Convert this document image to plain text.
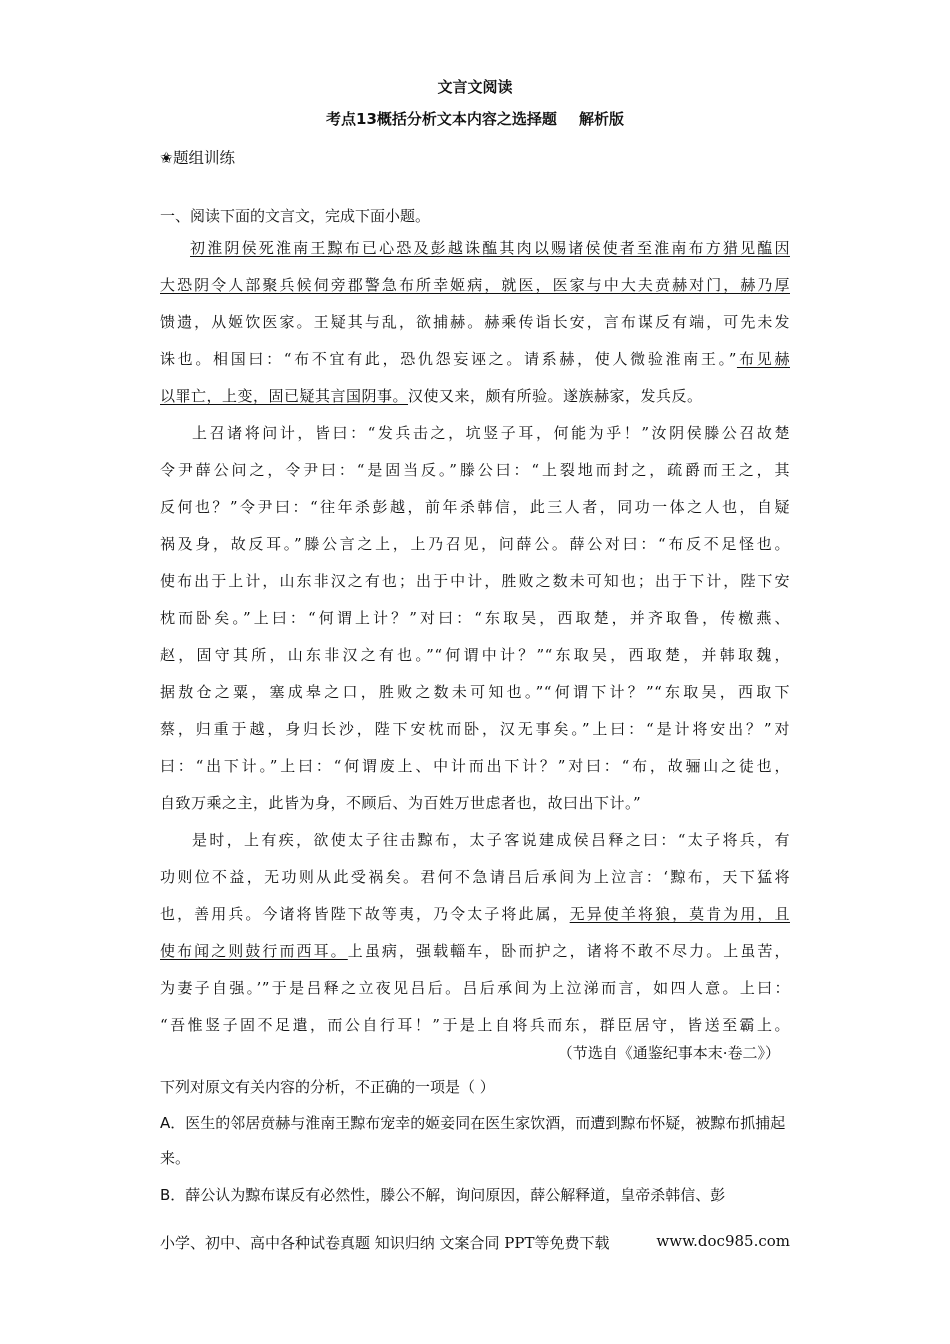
文言文阅读
考点13概括分析文本内容之选择题 解析版
✬题组训练
一、阅读下面的文言文，完成下面小题。
初淮阴侯死淮南王黥布已心恐及彭越诛醢其肉以赐诸侯使者至淮南布方猎见醢因
大恐阴令人部聚兵候伺旁郡警急布所幸姬病，就医，医家与中大夫贲赫对门，赫乃厚
馈遗，从姬饮医家。王疑其与乱，欲捕赫。赫乘传诣长安，言布谋反有端，可先未发
诛也。相国曰：“布不宜有此，恐仇怨妄诬之。请系赫，使人微验淮南王。”布见赫
以罪亡，上变，固已疑其言国阴事。汉使又来，颇有所验。遂族赫家，发兵反。
上召诸将问计，皆曰：“发兵击之，坑竖子耳，何能为乎！”汝阴侯滕公召故楚
令尹薛公问之，令尹曰：“是固当反。”滕公曰：“上裂地而封之，疏爵而王之，其
反何也？”令尹曰：“往年杀彭越，前年杀韩信，此三人者，同功一体之人也，自疑
祸及身，故反耳。”滕公言之上，上乃召见，问薛公。薛公对曰：“布反不足怪也。
使布出于上计，山东非汉之有也；出于中计，胜败之数未可知也；出于下计，陛下安
枕而卧矣。”上曰：“何谓上计？”对曰：“东取吴，西取楚，并齐取鲁，传檄燕、
赵，固守其所，山东非汉之有也。”“何谓中计？”“东取吴，西取楚，并韩取魏，
据敖仓之粟，塞成皋之口，胜败之数未可知也。”“何谓下计？”“东取吴，西取下
蔡，归重于越，身归长沙，陛下安枕而卧，汉无事矣。”上曰：“是计将安出？”对
曰：“出下计。”上曰：“何谓废上、中计而出下计？”对曰：“布，故骊山之徒也，
自致万乘之主，此皆为身，不顾后、为百姓万世虑者也，故曰出下计。”
是时，上有疾，欲使太子往击黥布，太子客说建成侯吕释之曰：“太子将兵，有
功则位不益，无功则从此受祸矣。君何不急请吕后承间为上泣言：‘黥布，天下猛将
也，善用兵。今诸将皆陛下故等夷，乃令太子将此属，无异使羊将狼，莫肯为用，且
使布闻之则鼓行而西耳。上虽病，强载輜车，卧而护之，诸将不敢不尽力。上虽苦，
为妻子自强。’”于是吕释之立夜见吕后。吕后承间为上泣涕而言，如四人意。上曰：
“吾惟竖子固不足遣，而公自行耳！”于是上自将兵而东，群臣居守，皆送至霸上。
（节选自《通鉴纪事本末·卷二》）
下列对原文有关内容的分析，不正确的一项是（ ）
A．医生的邻居贲赫与淮南王黥布宠幸的姬妾同在医生家饮酒，而遭到黥布怀疑，被黥布抓捕起来。
B．薛公认为黥布谋反有必然性，滕公不解，询问原因，薛公解释道，皇帝杀韩信、彭
小学、初中、高中各种试卷真题 知识归纳 文案合同 PPT等免费下载	www.doc985.com
